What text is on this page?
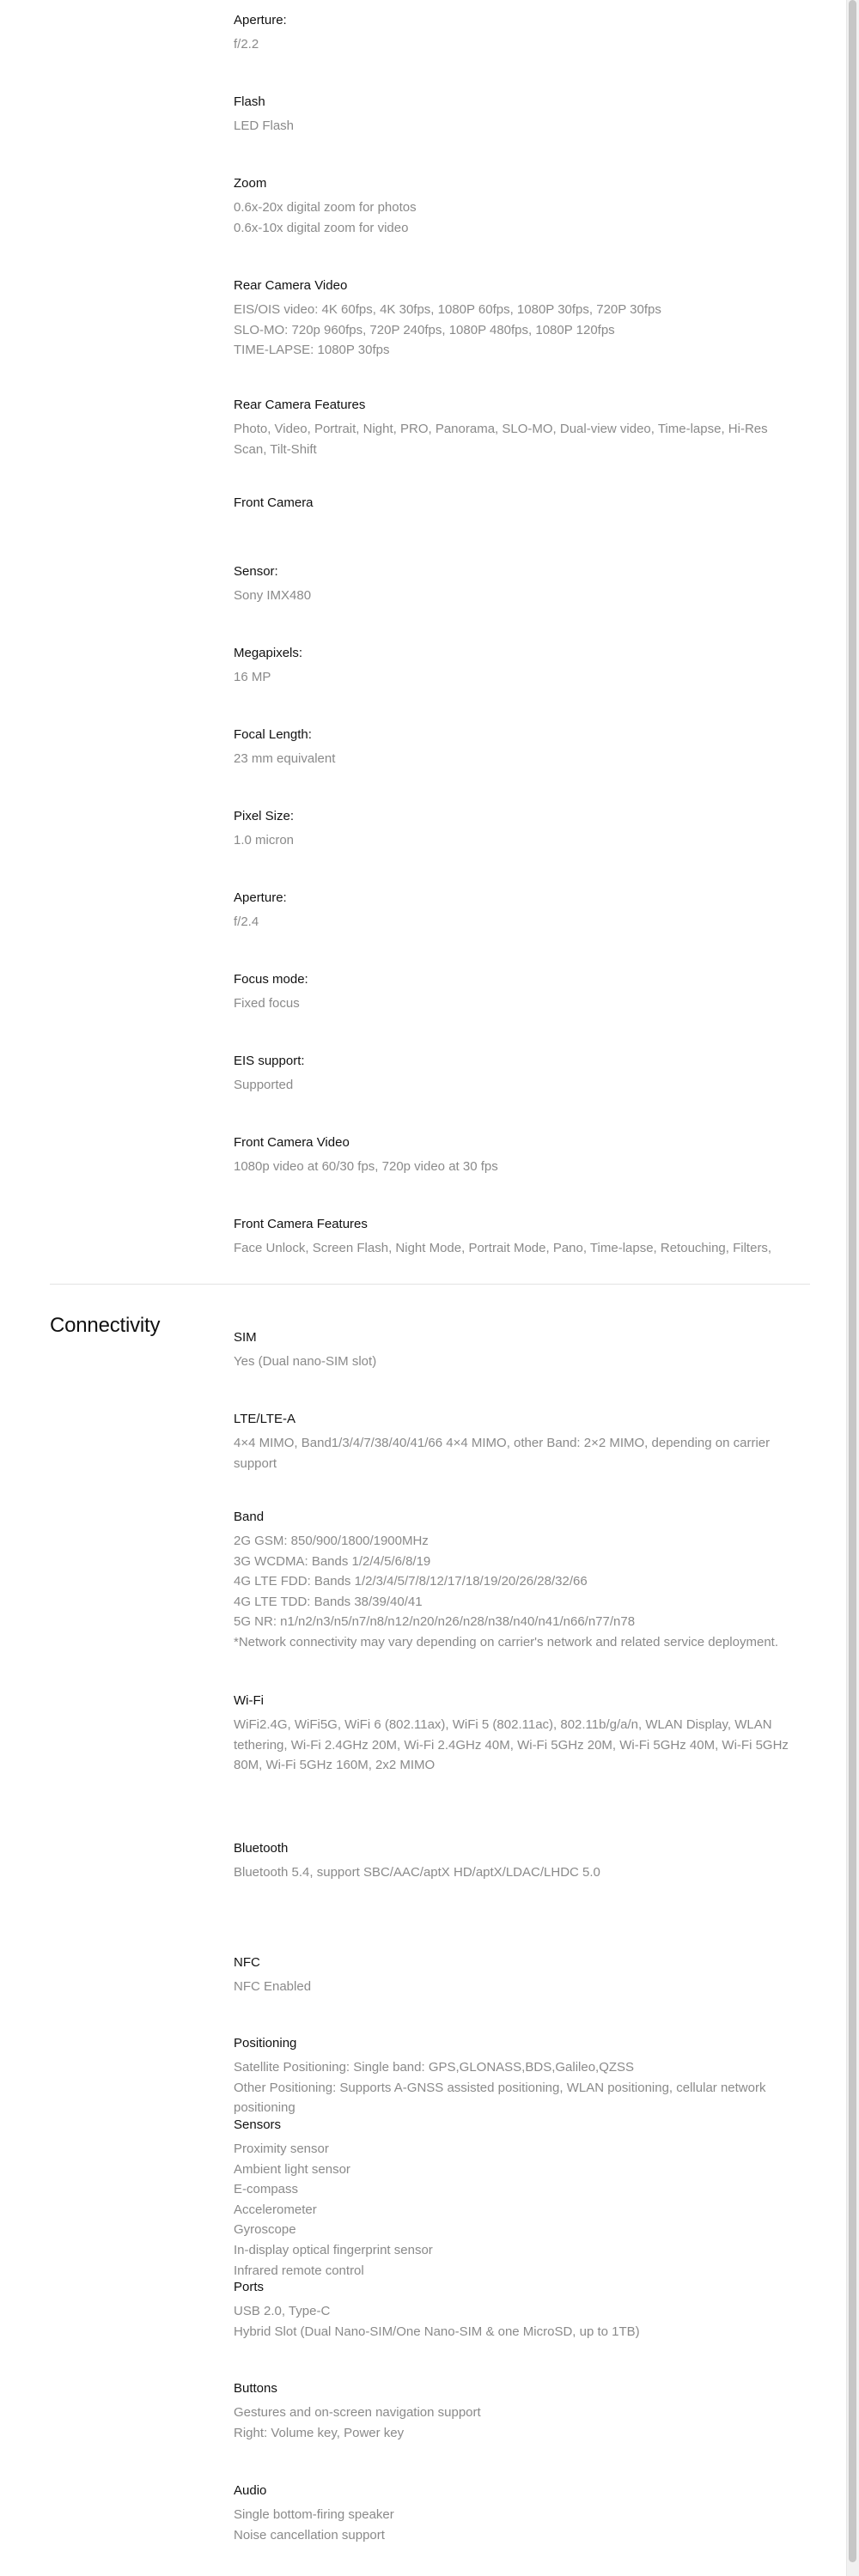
Aperture:
f/2.2
Flash
LED Flash
Zoom
0.6x-20x digital zoom for photos
0.6x-10x digital zoom for video
Rear Camera Video
EIS/OIS video: 4K 60fps, 4K 30fps, 1080P 60fps, 1080P 30fps, 720P 30fps
SLO-MO: 720p 960fps, 720P 240fps, 1080P 480fps, 1080P 120fps
TIME-LAPSE: 1080P 30fps
Rear Camera Features
Photo, Video, Portrait, Night, PRO, Panorama, SLO-MO, Dual-view video, Time-lapse, Hi-Res Scan, Tilt-Shift
Front Camera
Sensor:
Sony IMX480
Megapixels:
16 MP
Focal Length:
23 mm equivalent
Pixel Size:
1.0 micron
Aperture:
f/2.4
Focus mode:
Fixed focus
EIS support:
Supported
Front Camera Video
1080p video at 60/30 fps, 720p video at 30 fps
Front Camera Features
Face Unlock, Screen Flash, Night Mode, Portrait Mode, Pano, Time-lapse, Retouching, Filters,
Connectivity
SIM
Yes (Dual nano-SIM slot)
LTE/LTE-A
4×4 MIMO, Band1/3/4/7/38/40/41/66 4×4 MIMO, other Band: 2×2 MIMO, depending on carrier support
Band
2G GSM: 850/900/1800/1900MHz
3G WCDMA: Bands 1/2/4/5/6/8/19
4G LTE FDD: Bands 1/2/3/4/5/7/8/12/17/18/19/20/26/28/32/66
4G LTE TDD: Bands 38/39/40/41
5G NR: n1/n2/n3/n5/n7/n8/n12/n20/n26/n28/n38/n40/n41/n66/n77/n78
*Network connectivity may vary depending on carrier's network and related service deployment.
Wi-Fi
WiFi2.4G, WiFi5G, WiFi 6 (802.11ax), WiFi 5 (802.11ac), 802.11b/g/a/n, WLAN Display, WLAN tethering, Wi-Fi 2.4GHz 20M, Wi-Fi 2.4GHz 40M, Wi-Fi 5GHz 20M, Wi-Fi 5GHz 40M, Wi-Fi 5GHz 80M, Wi-Fi 5GHz 160M, 2x2 MIMO
Bluetooth
Bluetooth 5.4, support SBC/AAC/aptX HD/aptX/LDAC/LHDC 5.0
NFC
NFC Enabled
Positioning
Satellite Positioning: Single band: GPS,GLONASS,BDS,Galileo,QZSS
Other Positioning: Supports A-GNSS assisted positioning, WLAN positioning, cellular network positioning
Sensors
Proximity sensor
Ambient light sensor
E-compass
Accelerometer
Gyroscope
In-display optical fingerprint sensor
Infrared remote control
Ports
USB 2.0, Type-C
Hybrid Slot (Dual Nano-SIM/One Nano-SIM & one MicroSD, up to 1TB)
Buttons
Gestures and on-screen navigation support
Right: Volume key, Power key
Audio
Single bottom-firing speaker
Noise cancellation support
